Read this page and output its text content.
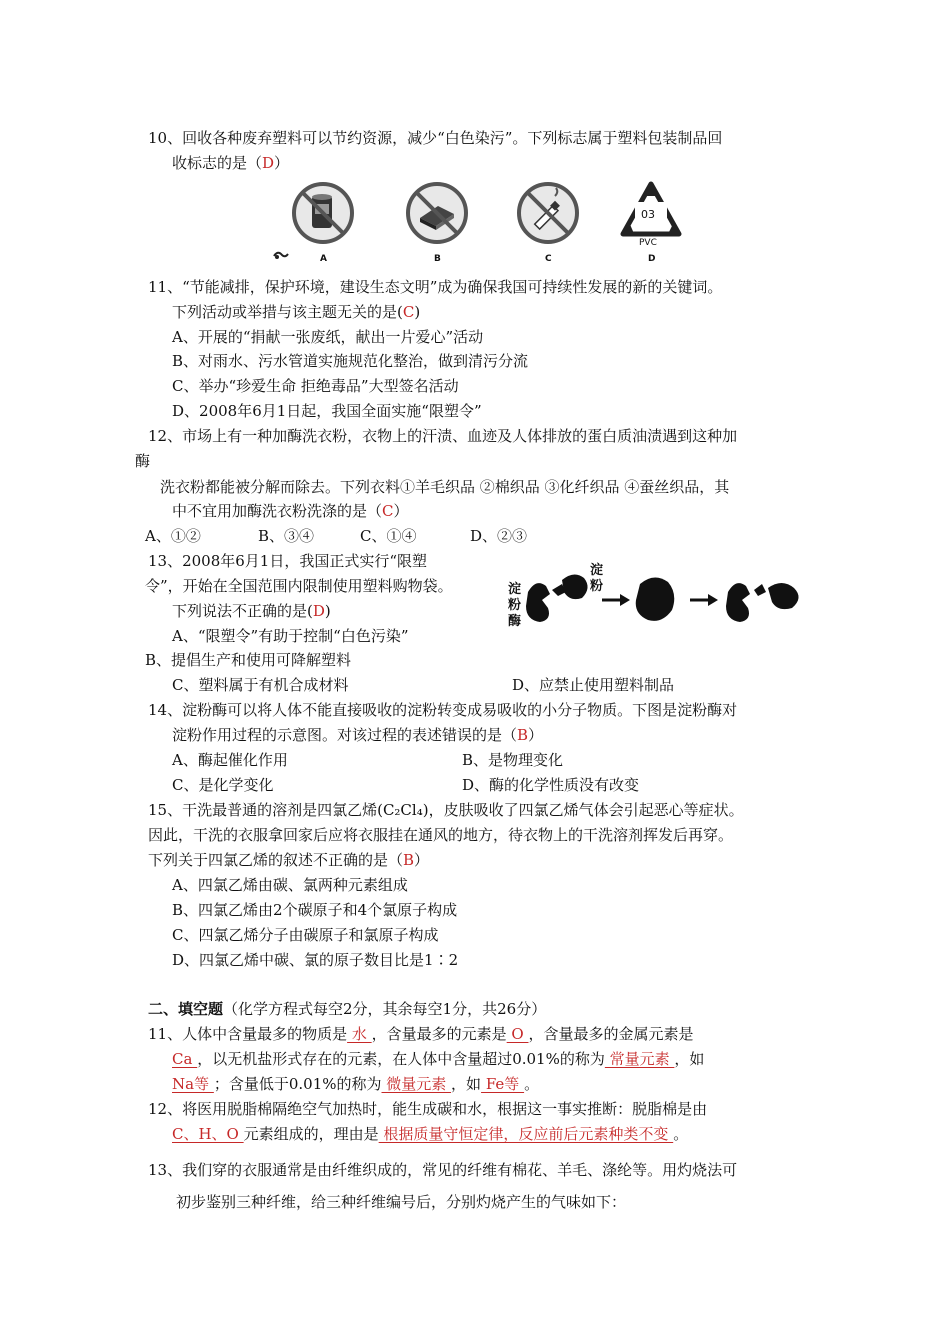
10、回收各种废弃塑料可以节约资源，减少“白色染污”。下列标志属于塑料包装制品回
收标志的是（D）
A	B	C
03
PVC
D
11、“节能减排，保护环境，建设生态文明”成为确保我国可持续性发展的新的关键词。
下列活动或举措与该主题无关的是(C)
A、开展的“捐献一张废纸，献出一片爱心”活动
B、对雨水、污水管道实施规范化整治，做到清污分流
C、举办“珍爱生命 拒绝毒品”大型签名活动
D、2008年6月1日起，我国全面实施“限塑令”
12、市场上有一种加酶洗衣粉，衣物上的汗渍、血迹及人体排放的蛋白质油渍遇到这种加
酶
洗衣粉都能被分解而除去。下列衣料①羊毛织品 ②棉织品 ③化纤织品 ④蚕丝织品，其
中不宜用加酶洗衣粉洗涤的是（C）
A、①②	B、③④	C、①④	D、②③
13、2008年6月1日，我国正式实行“限塑
令”，开始在全国范围内限制使用塑料购物袋。
下列说法不正确的是(D)
淀
粉
酶
淀
粉
A、“限塑令”有助于控制“白色污染”
B、提倡生产和使用可降解塑料
C、塑料属于有机合成材料	D、应禁止使用塑料制品
14、淀粉酶可以将人体不能直接吸收的淀粉转变成易吸收的小分子物质。下图是淀粉酶对
淀粉作用过程的示意图。对该过程的表述错误的是（B）
A、酶起催化作用	B、是物理变化
C、是化学变化	D、酶的化学性质没有改变
15、干洗最普通的溶剂是四氯乙烯(C₂Cl₄)，皮肤吸收了四氯乙烯气体会引起恶心等症状。
因此，干洗的衣服拿回家后应将衣服挂在通风的地方，待衣物上的干洗溶剂挥发后再穿。
下列关于四氯乙烯的叙述不正确的是（B）
A、四氯乙烯由碳、氯两种元素组成
B、四氯乙烯由2个碳原子和4个氯原子构成
C、四氯乙烯分子由碳原子和氯原子构成
D、四氯乙烯中碳、氯的原子数目比是1∶2
二、填空题（化学方程式每空2分，其余每空1分，共26分）
11、人体中含量最多的物质是 水 ，含量最多的元素是 O ，含量最多的金属元素是
Ca ，以无机盐形式存在的元素，在人体中含量超过0.01%的称为 常量元素 ，如
Na等 ；含量低于0.01%的称为 微量元素 ，如 Fe等 。
12、将医用脱脂棉隔绝空气加热时，能生成碳和水，根据这一事实推断：脱脂棉是由
C、H、O 元素组成的，理由是 根据质量守恒定律，反应前后元素种类不变 。
13、我们穿的衣服通常是由纤维织成的，常见的纤维有棉花、羊毛、涤纶等。用灼烧法可
初步鉴别三种纤维，给三种纤维编号后，分别灼烧产生的气味如下：
